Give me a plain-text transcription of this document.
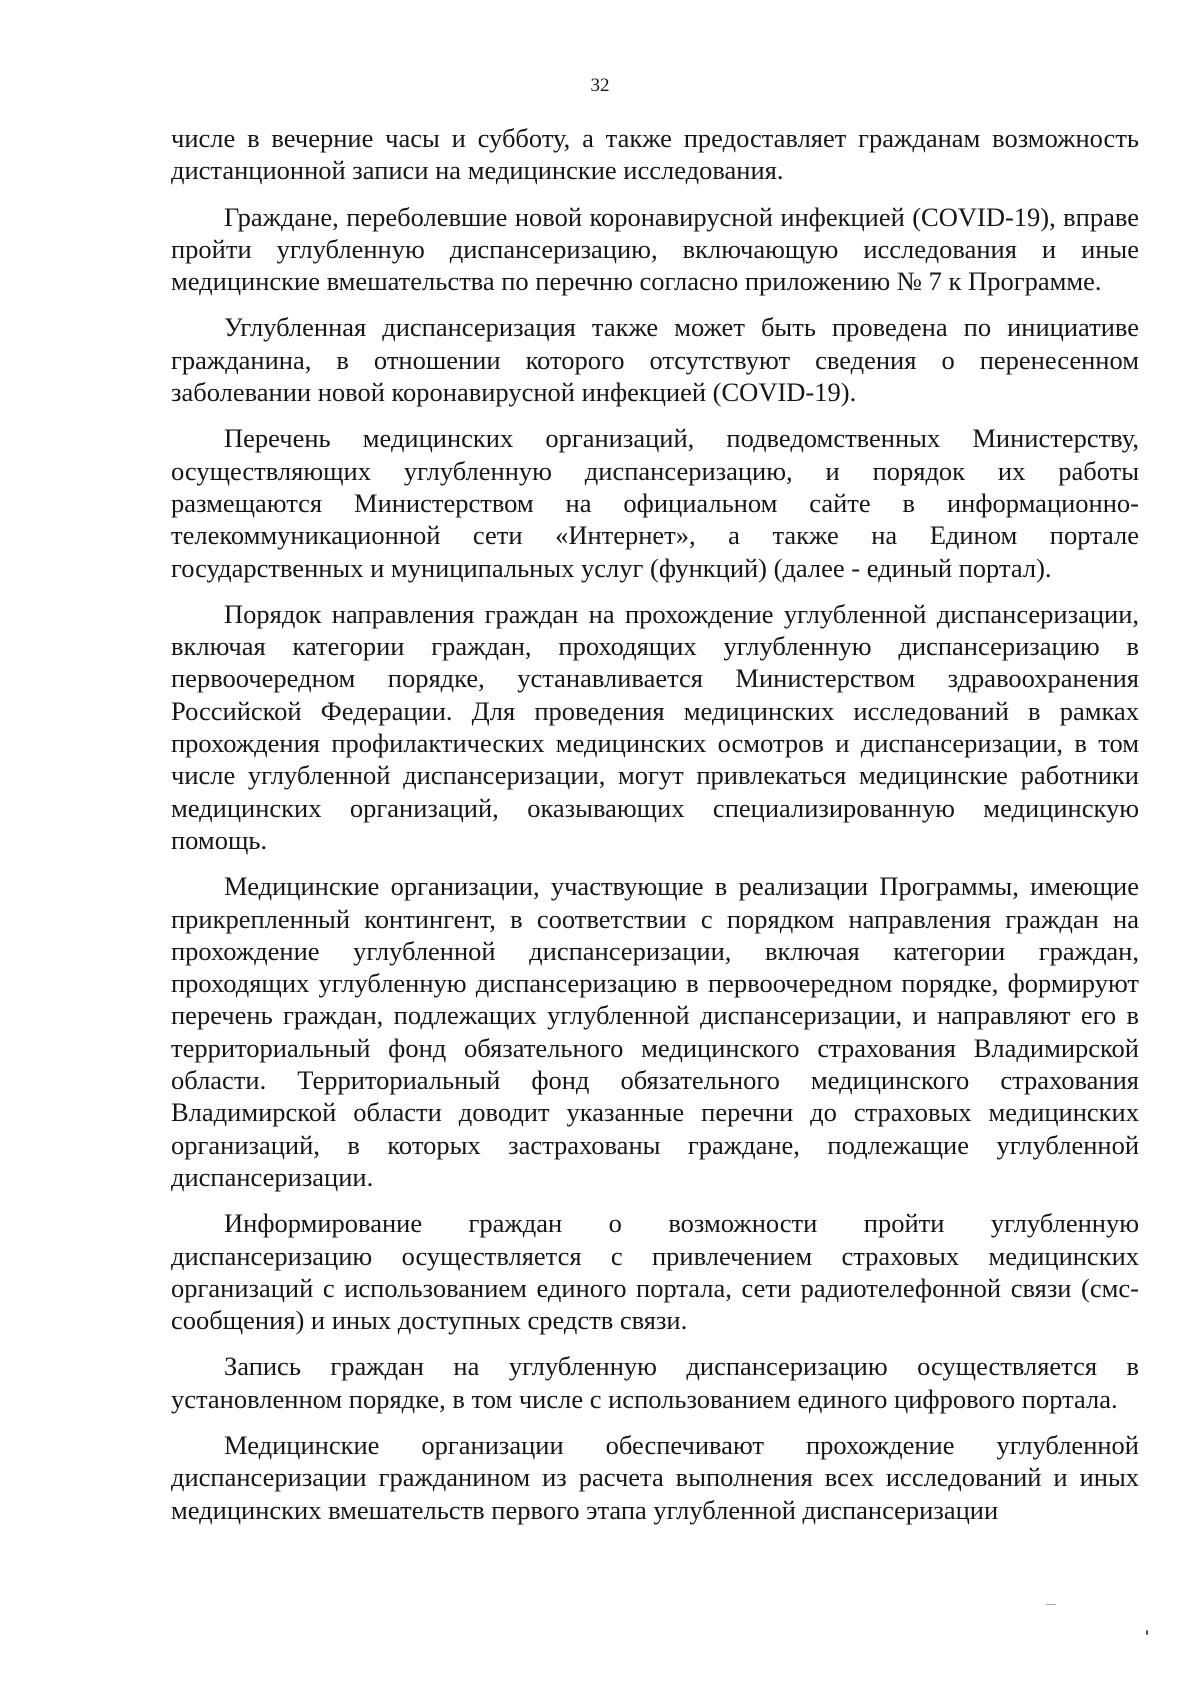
32

числе в вечерние часы и субботу, а также предоставляет гражданам возможность дистанционной записи на медицинские исследования.

Граждане, переболевшие новой коронавирусной инфекцией (COVID-19), вправе пройти углубленную диспансеризацию, включающую исследования и иные медицинские вмешательства по перечню согласно приложению № 7 к Программе.

Углубленная диспансеризация также может быть проведена по инициативе гражданина, в отношении которого отсутствуют сведения о перенесенном заболевании новой коронавирусной инфекцией (COVID-19).

Перечень медицинских организаций, подведомственных Министерству, осуществляющих углубленную диспансеризацию, и порядок их работы размещаются Министерством на официальном сайте в информационно-телекоммуникационной сети «Интернет», а также на Едином портале государственных и муниципальных услуг (функций) (далее - единый портал).

Порядок направления граждан на прохождение углубленной диспансеризации, включая категории граждан, проходящих углубленную диспансеризацию в первоочередном порядке, устанавливается Министерством здравоохранения Российской Федерации. Для проведения медицинских исследований в рамках прохождения профилактических медицинских осмотров и диспансеризации, в том числе углубленной диспансеризации, могут привлекаться медицинские работники медицинских организаций, оказывающих специализированную медицинскую помощь.

Медицинские организации, участвующие в реализации Программы, имеющие прикрепленный контингент, в соответствии с порядком направления граждан на прохождение углубленной диспансеризации, включая категории граждан, проходящих углубленную диспансеризацию в первоочередном порядке, формируют перечень граждан, подлежащих углубленной диспансеризации, и направляют его в территориальный фонд обязательного медицинского страхования Владимирской области. Территориальный фонд обязательного медицинского страхования Владимирской области доводит указанные перечни до страховых медицинских организаций, в которых застрахованы граждане, подлежащие углубленной диспансеризации.

Информирование граждан о возможности пройти углубленную диспансеризацию осуществляется с привлечением страховых медицинских организаций с использованием единого портала, сети радиотелефонной связи (смс-сообщения) и иных доступных средств связи.

Запись граждан на углубленную диспансеризацию осуществляется в установленном порядке, в том числе с использованием единого цифрового портала.

Медицинские организации обеспечивают прохождение углубленной диспансеризации гражданином из расчета выполнения всех исследований и иных медицинских вмешательств первого этапа углубленной диспансеризации
